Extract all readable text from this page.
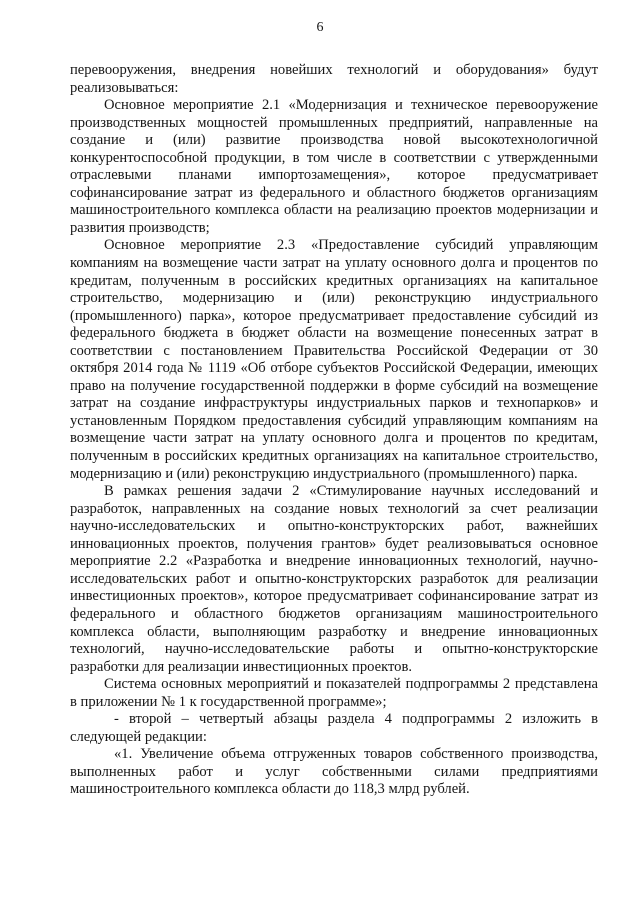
6

перевооружения, внедрения новейших технологий и оборудования» будут реализовываться:

Основное мероприятие 2.1 «Модернизация и техническое перевооружение производственных мощностей промышленных предприятий, направленные на создание и (или) развитие производства новой высокотехнологичной конкурентоспособной продукции, в том числе в соответствии с утвержденными отраслевыми планами импортозамещения», которое предусматривает софинансирование затрат из федерального и областного бюджетов организациям машиностроительного комплекса области на реализацию проектов модернизации и развития производств;

Основное мероприятие 2.3 «Предоставление субсидий управляющим компаниям на возмещение части затрат на уплату основного долга и процентов по кредитам, полученным в российских кредитных организациях на капитальное строительство, модернизацию и (или) реконструкцию индустриального (промышленного) парка», которое предусматривает предоставление субсидий из федерального бюджета в бюджет области на возмещение понесенных затрат в соответствии с постановлением Правительства Российской Федерации от 30 октября 2014 года № 1119 «Об отборе субъектов Российской Федерации, имеющих право на получение государственной поддержки в форме субсидий на возмещение затрат на создание инфраструктуры индустриальных парков и технопарков» и установленным Порядком предоставления субсидий управляющим компаниям на возмещение части затрат на уплату основного долга и процентов по кредитам, полученным в российских кредитных организациях на капитальное строительство, модернизацию и (или) реконструкцию индустриального (промышленного) парка.

В рамках решения задачи 2 «Стимулирование научных исследований и разработок, направленных на создание новых технологий за счет реализации научно-исследовательских и опытно-конструкторских работ, важнейших инновационных проектов, получения грантов» будет реализовываться основное мероприятие 2.2 «Разработка и внедрение инновационных технологий, научно-исследовательских работ и опытно-конструкторских разработок для реализации инвестиционных проектов», которое предусматривает софинансирование затрат из федерального и областного бюджетов организациям машиностроительного комплекса области, выполняющим разработку и внедрение инновационных технологий, научно-исследовательские работы и опытно-конструкторские разработки для реализации инвестиционных проектов.

Система основных мероприятий и показателей подпрограммы 2 представлена в приложении № 1 к государственной программе»;

- второй – четвертый абзацы раздела 4 подпрограммы 2 изложить в следующей редакции:

«1. Увеличение объема отгруженных товаров собственного производства, выполненных работ и услуг собственными силами предприятиями машиностроительного комплекса области до 118,3 млрд рублей.
